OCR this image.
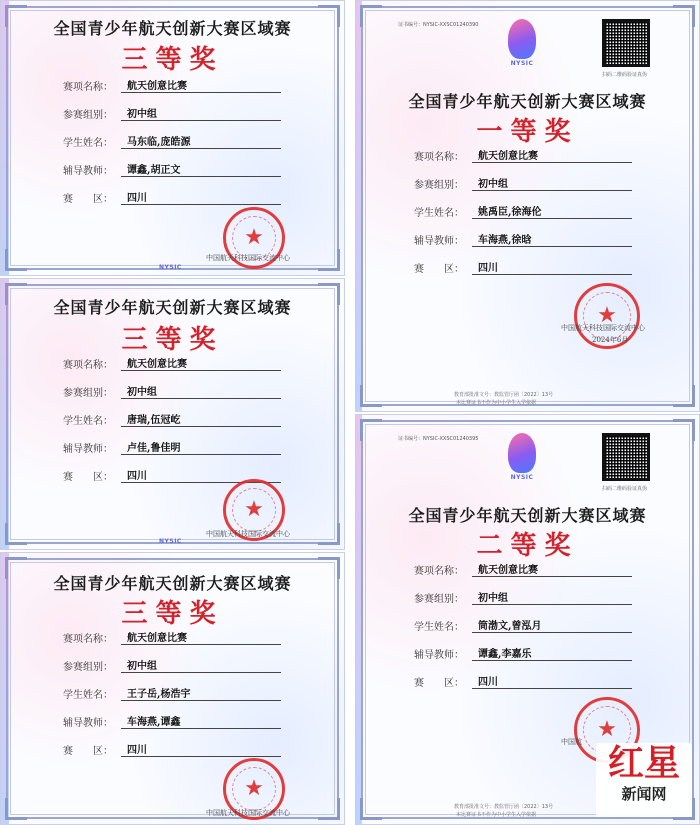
全国青少年航天创新大赛区域赛
三等奖
赛项名称：	航天创意比赛
参赛组别：	初中组
学生姓名：	马东临,庞皓源
辅导教师：	谭鑫,胡正文
赛　　区：	四川
★
中国航天科技国际交流中心
NYSIC
全国青少年航天创新大赛区域赛
三等奖
赛项名称：	航天创意比赛
参赛组别：	初中组
学生姓名：	唐瑞,伍冠屹
辅导教师：	卢佳,鲁佳明
赛　　区：	四川
★
中国航天科技国际交流中心
NYSIC
全国青少年航天创新大赛区域赛
三等奖
赛项名称：	航天创意比赛
参赛组别：	初中组
学生姓名：	王子岳,杨浩宇
辅导教师：	车海燕,谭鑫
赛　　区：	四川
★
中国航天科技国际交流中心
证书编号：NYSIC-XXSC01240390
NYSIC
扫码二维码验证真伪
全国青少年航天创新大赛区域赛
一等奖
赛项名称：	航天创意比赛
参赛组别：	初中组
学生姓名：	姚禹臣,徐海伦
辅导教师：	车海燕,徐晗
赛　　区：	四川
★
中国航天科技国际交流中心
2024年6月
教育部批准文号：教监管厅函〔2022〕13号
本比赛证书不作为中小学生入学依据
证书编号：NYSIC-XXSC01240395
NYSIC
扫码二维码验证真伪
全国青少年航天创新大赛区域赛
二等奖
赛项名称：	航天创意比赛
参赛组别：	初中组
学生姓名：	筒渤文,曾泓月
辅导教师：	谭鑫,李嘉乐
赛　　区：	四川
★
中国航
教育部批准文号：教监管厅函〔2022〕13号
本比赛证书不作为中小学生入学依据
红星
新闻网
